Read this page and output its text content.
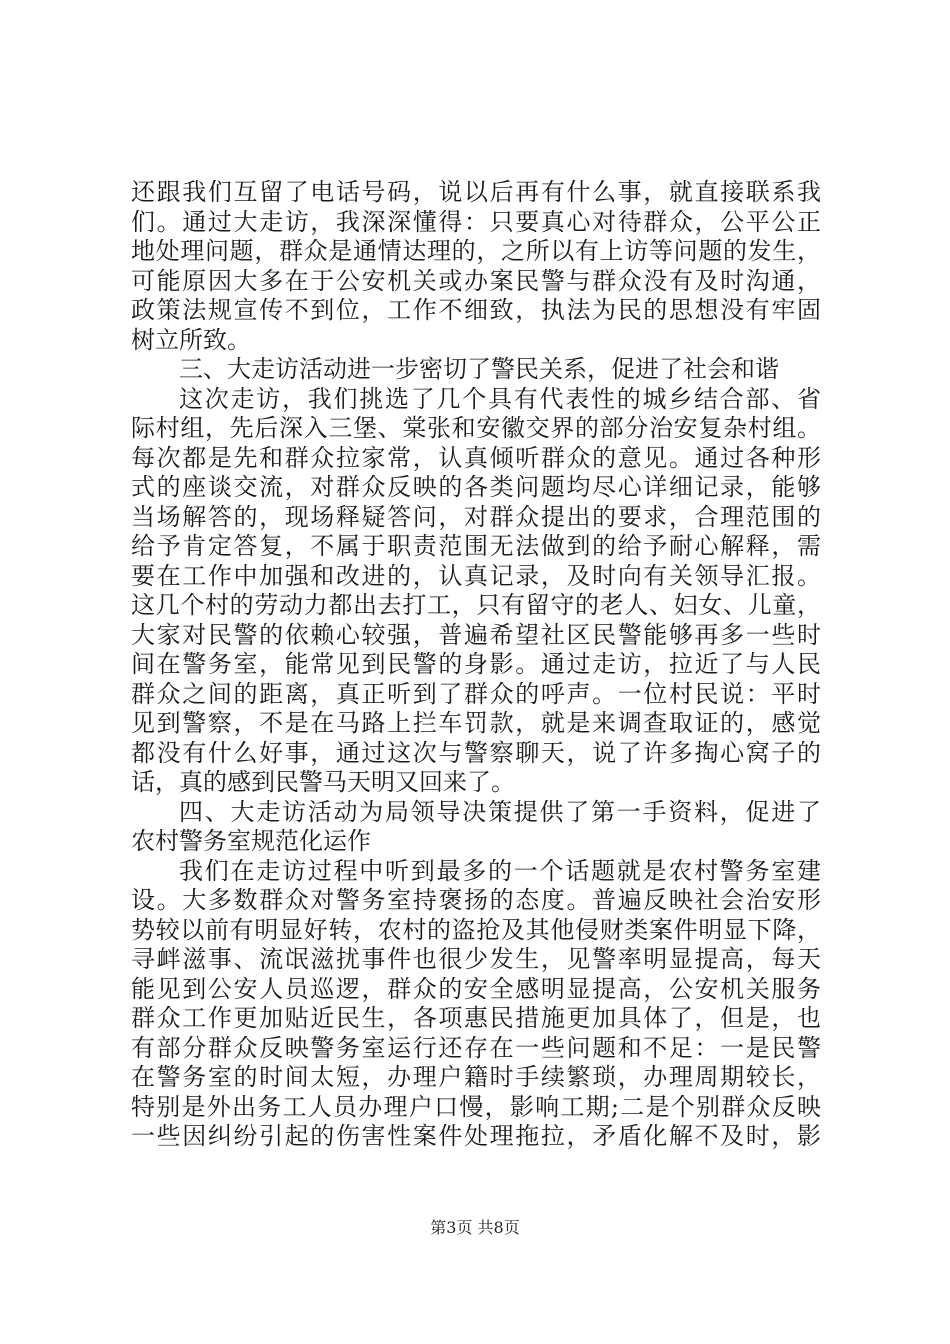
还跟我们互留了电话号码，说以后再有什么事，就直接联系我
们。通过大走访，我深深懂得：只要真心对待群众，公平公正
地处理问题，群众是通情达理的，之所以有上访等问题的发生，
可能原因大多在于公安机关或办案民警与群众没有及时沟通，
政策法规宣传不到位，工作不细致，执法为民的思想没有牢固
树立所致。
三、大走访活动进一步密切了警民关系，促进了社会和谐
这次走访，我们挑选了几个具有代表性的城乡结合部、省
际村组，先后深入三堡、棠张和安徽交界的部分治安复杂村组。
每次都是先和群众拉家常，认真倾听群众的意见。通过各种形
式的座谈交流，对群众反映的各类问题均尽心详细记录，能够
当场解答的，现场释疑答问，对群众提出的要求，合理范围的
给予肯定答复，不属于职责范围无法做到的给予耐心解释，需
要在工作中加强和改进的，认真记录，及时向有关领导汇报。
这几个村的劳动力都出去打工，只有留守的老人、妇女、儿童，
大家对民警的依赖心较强，普遍希望社区民警能够再多一些时
间在警务室，能常见到民警的身影。通过走访，拉近了与人民
群众之间的距离，真正听到了群众的呼声。一位村民说：平时
见到警察，不是在马路上拦车罚款，就是来调查取证的，感觉
都没有什么好事，通过这次与警察聊天，说了许多掏心窝子的
话，真的感到民警马天明又回来了。
四、大走访活动为局领导决策提供了第一手资料，促进了
农村警务室规范化运作
我们在走访过程中听到最多的一个话题就是农村警务室建
设。大多数群众对警务室持褒扬的态度。普遍反映社会治安形
势较以前有明显好转，农村的盗抢及其他侵财类案件明显下降，
寻衅滋事、流氓滋扰事件也很少发生，见警率明显提高，每天
能见到公安人员巡逻，群众的安全感明显提高，公安机关服务
群众工作更加贴近民生，各项惠民措施更加具体了，但是，也
有部分群众反映警务室运行还存在一些问题和不足：一是民警
在警务室的时间太短，办理户籍时手续繁琐，办理周期较长，
特别是外出务工人员办理户口慢，影响工期;二是个别群众反映
一些因纠纷引起的伤害性案件处理拖拉，矛盾化解不及时，影
第3页 共8页
